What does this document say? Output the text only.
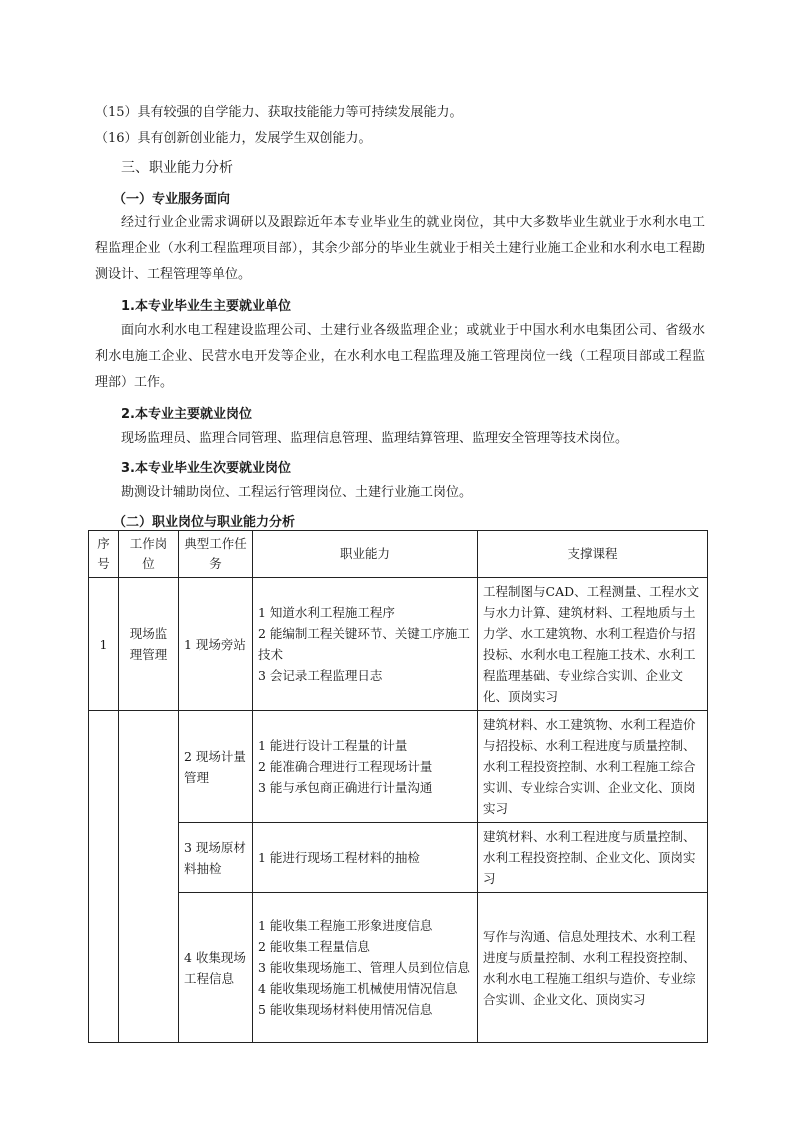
（15）具有较强的自学能力、获取技能能力等可持续发展能力。
（16）具有创新创业能力，发展学生双创能力。
三、职业能力分析
（一）专业服务面向
经过行业企业需求调研以及跟踪近年本专业毕业生的就业岗位，其中大多数毕业生就业于水利水电工程监理企业（水利工程监理项目部），其余少部分的毕业生就业于相关土建行业施工企业和水利水电工程勘测设计、工程管理等单位。
1.本专业毕业生主要就业单位
面向水利水电工程建设监理公司、土建行业各级监理企业；或就业于中国水利水电集团公司、省级水利水电施工企业、民营水电开发等企业，在水利水电工程监理及施工管理岗位一线（工程项目部或工程监理部）工作。
2.本专业主要就业岗位
现场监理员、监理合同管理、监理信息管理、监理结算管理、监理安全管理等技术岗位。
3.本专业毕业生次要就业岗位
勘测设计辅助岗位、工程运行管理岗位、土建行业施工岗位。
（二）职业岗位与职业能力分析
序号	工作岗位	典型工作任务	职业能力	支撑课程
1	现场监理管理	1 现场旁站	1 知道水利工程施工程序
2 能编制工程关键环节、关键工序施工技术
3 会记录工程监理日志	工程制图与CAD、工程测量、工程水文与水力计算、建筑材料、工程地质与土力学、水工建筑物、水利工程造价与招投标、水利水电工程施工技术、水利工程监理基础、专业综合实训、企业文化、顶岗实习
		2 现场计量管理	1 能进行设计工程量的计量
2 能准确合理进行工程现场计量
3 能与承包商正确进行计量沟通	建筑材料、水工建筑物、水利工程造价与招投标、水利工程进度与质量控制、水利工程投资控制、水利工程施工综合实训、专业综合实训、企业文化、顶岗实习
		3 现场原材料抽检	1 能进行现场工程材料的抽检	建筑材料、水利工程进度与质量控制、水利工程投资控制、企业文化、顶岗实习
		4 收集现场工程信息	1 能收集工程施工形象进度信息
2 能收集工程量信息
3 能收集现场施工、管理人员到位信息
4 能收集现场施工机械使用情况信息
5 能收集现场材料使用情况信息	写作与沟通、信息处理技术、水利工程进度与质量控制、水利工程投资控制、水利水电工程施工组织与造价、专业综合实训、企业文化、顶岗实习
